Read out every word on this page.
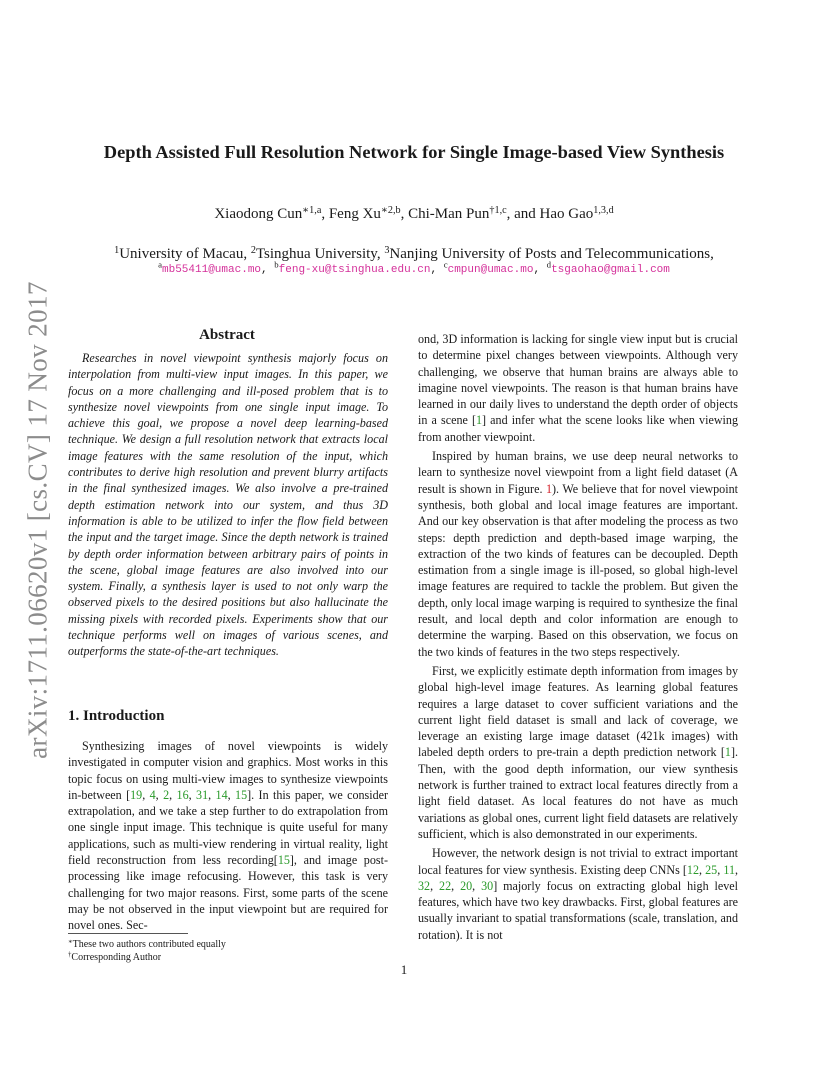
arXiv:1711.06620v1 [cs.CV] 17 Nov 2017
Depth Assisted Full Resolution Network for Single Image-based View Synthesis
Xiaodong Cun$^{∗1,a}$, Feng $Xu^{∗2,b}$, Chi-Man Pun$^{\dagger 1,c}$, and Hao Gao$^{1,3,d}$
$^1$University of Macau, $^2$Tsinghua University, $^3$Nanjing University of Posts and Telecommunications,
$^a$mb55411@umac.mo, $^b$feng-xu@tsinghua.edu.cn, $^c$cmpun@umac.mo, $^d$tsgaohao@gmail.com
Abstract

Researches in novel viewpoint synthesis majorly focus on interpolation from multi-view input images. In this paper, we focus on a more challenging and ill-posed problem that is to synthesize novel viewpoints from one single input image. To achieve this goal, we propose a novel deep learning-based technique. We design a full resolution network that extracts local image features with the same resolution of the input, which contributes to derive high resolution and prevent blurry artifacts in the final synthesized images. We also involve a pre-trained depth estimation network into our system, and thus 3D information is able to be utilized to infer the flow field between the input and the target image. Since the depth network is trained by depth order information between arbitrary pairs of points in the scene, global image features are also involved into our system. Finally, a synthesis layer is used to not only warp the observed pixels to the desired positions but also hallucinate the missing pixels with recorded pixels. Experiments show that our technique performs well on images of various scenes, and outperforms the state-of-the-art techniques.

1. Introduction

Synthesizing images of novel viewpoints is widely investigated in computer vision and graphics. Most works in this topic focus on using multi-view images to synthesize viewpoints in-between [19, 4, 2, 16, 31, 14, 15]. In this paper, we consider extrapolation, and we take a step further to do extrapolation from one single input image. This technique is quite useful for many applications, such as multi-view rendering in virtual reality, light field reconstruction from less recording[15], and image post-processing like image refocusing. However, this task is very challenging for two major reasons. First, some parts of the scene may be not observed in the input viewpoint but are required for novel ones. Sec-

ond, 3D information is lacking for single view input but is crucial to determine pixel changes between viewpoints. Although very challenging, we observe that human brains are always able to imagine novel viewpoints. The reason is that human brains have learned in our daily lives to understand the depth order of objects in a scene [1] and infer what the scene looks like when viewing from another viewpoint.

Inspired by human brains, we use deep neural networks to learn to synthesize novel viewpoint from a light field dataset (A result is shown in Figure. 1). We believe that for novel viewpoint synthesis, both global and local image features are important. And our key observation is that after modeling the process as two steps: depth prediction and depth-based image warping, the extraction of the two kinds of features can be decoupled. Depth estimation from a single image is ill-posed, so global high-level image features are required to tackle the problem. But given the depth, only local image warping is required to synthesize the final result, and local depth and color information are enough to determine the warping. Based on this observation, we focus on the two kinds of features in the two steps respectively.

First, we explicitly estimate depth information from images by global high-level image features. As learning global features requires a large dataset to cover sufficient variations and the current light field dataset is small and lack of coverage, we leverage an existing large image dataset (421k images) with labeled depth orders to pre-train a depth prediction network [1]. Then, with the good depth information, our view synthesis network is further trained to extract local features directly from a light field dataset. As local features do not have as much variations as global ones, current light field datasets are relatively sufficient, which is also demonstrated in our experiments.

However, the network design is not trivial to extract important local features for view synthesis. Existing deep CNNs [12, 25, 11, 32, 22, 20, 30] majorly focus on extracting global high level features, which have two key drawbacks. First, global features are usually invariant to spatial transformations (scale, translation, and rotation). It is not

∗These two authors contributed equally
†Corresponding Author
1
